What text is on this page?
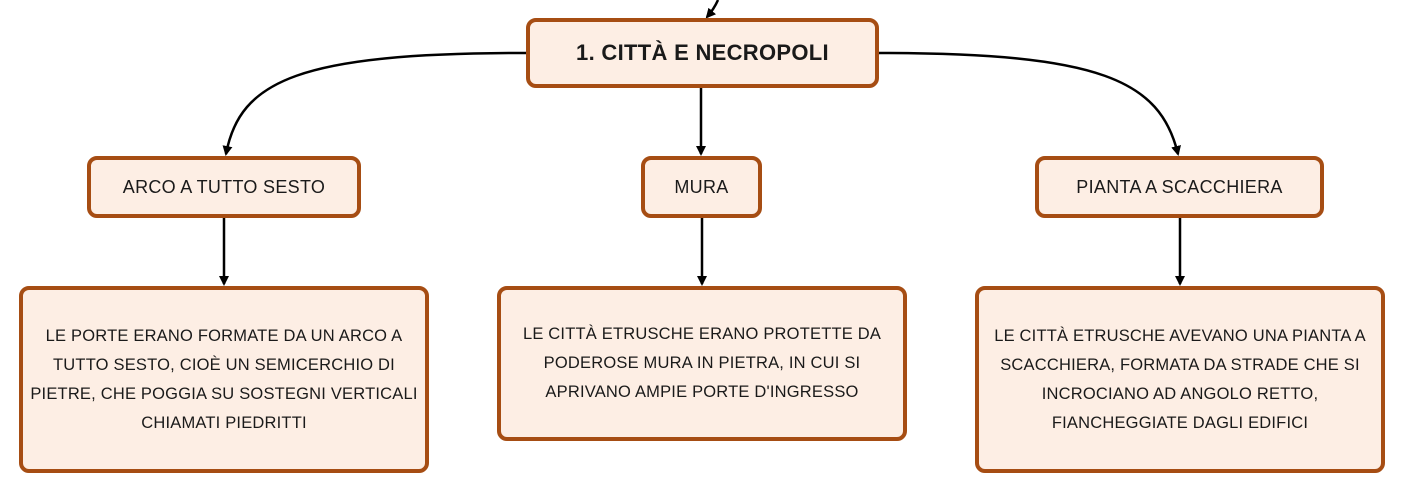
1. CITTÀ E NECROPOLI
ARCO A TUTTO SESTO	MURA	PIANTA A SCACCHIERA
LE PORTE ERANO FORMATE DA UN ARCO A TUTTO SESTO, CIOÈ UN SEMICERCHIO DI PIETRE, CHE POGGIA SU SOSTEGNI VERTICALI CHIAMATI PIEDRITTI
LE CITTÀ ETRUSCHE ERANO PROTETTE DA PODEROSE MURA IN PIETRA, IN CUI SI APRIVANO AMPIE PORTE D'INGRESSO
LE CITTÀ ETRUSCHE AVEVANO UNA PIANTA A SCACCHIERA, FORMATA DA STRADE CHE SI INCROCIANO AD ANGOLO RETTO, FIANCHEGGIATE DAGLI EDIFICI
